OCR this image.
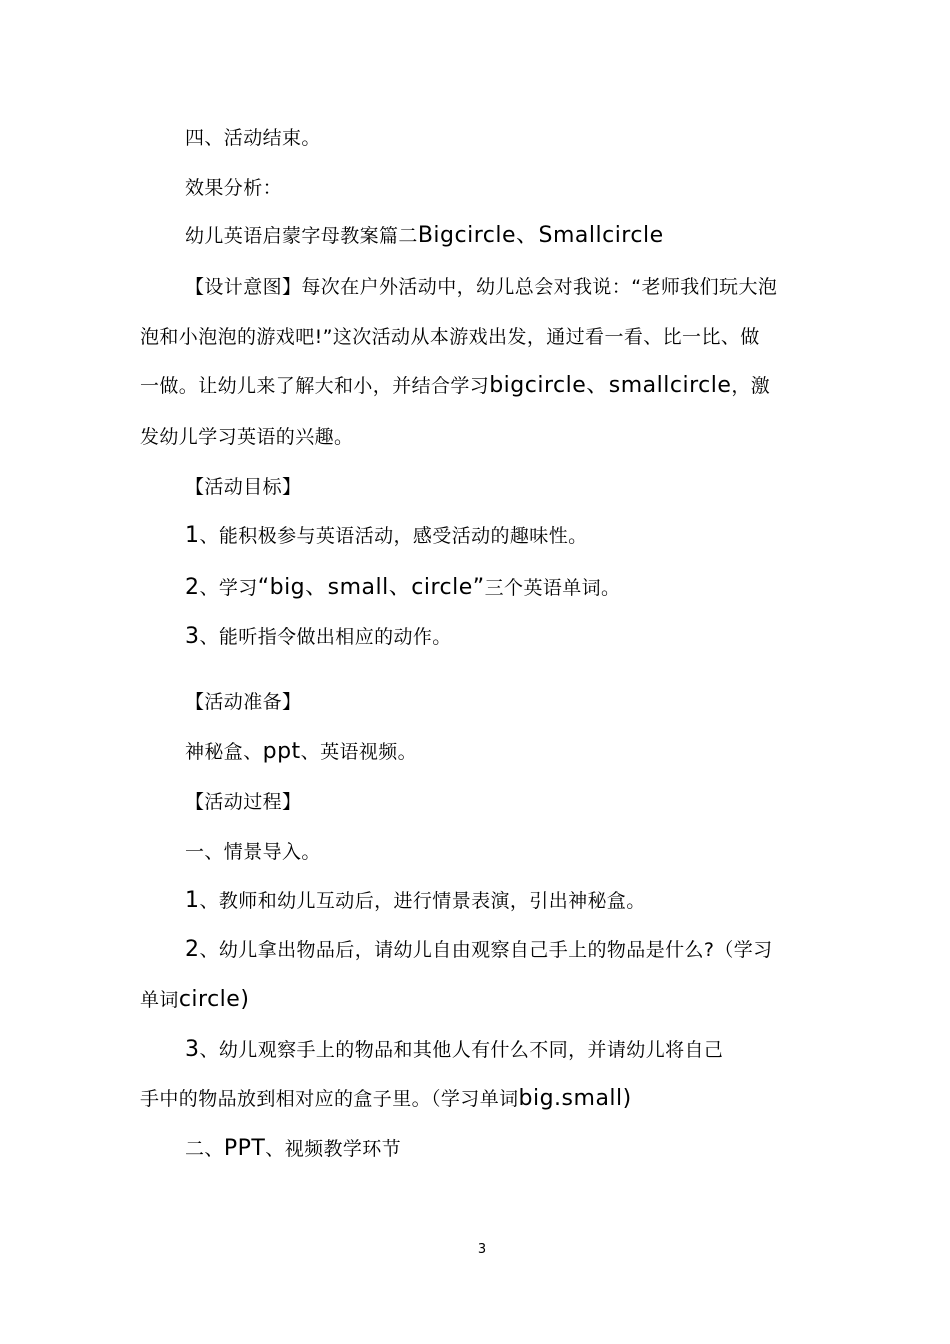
四、活动结束。
效果分析：
幼儿英语启蒙字母教案篇二Bigcircle、Smallcircle
【设计意图】每次在户外活动中，幼儿总会对我说：“老师我们玩大泡
泡和小泡泡的游戏吧!”这次活动从本游戏出发，通过看一看、比一比、做
一做。让幼儿来了解大和小，并结合学习bigcircle、smallcircle，激
发幼儿学习英语的兴趣。
【活动目标】
1、能积极参与英语活动，感受活动的趣味性。
2、学习“big、small、circle”三个英语单词。
3、能听指令做出相应的动作。
【活动准备】
神秘盒、ppt、英语视频。
【活动过程】
一、情景导入。
1、教师和幼儿互动后，进行情景表演，引出神秘盒。
2、幼儿拿出物品后，请幼儿自由观察自己手上的物品是什么?（学习
单词circle)
3、幼儿观察手上的物品和其他人有什么不同，并请幼儿将自己
手中的物品放到相对应的盒子里。（学习单词big.small)
二、PPT、视频教学环节
3
